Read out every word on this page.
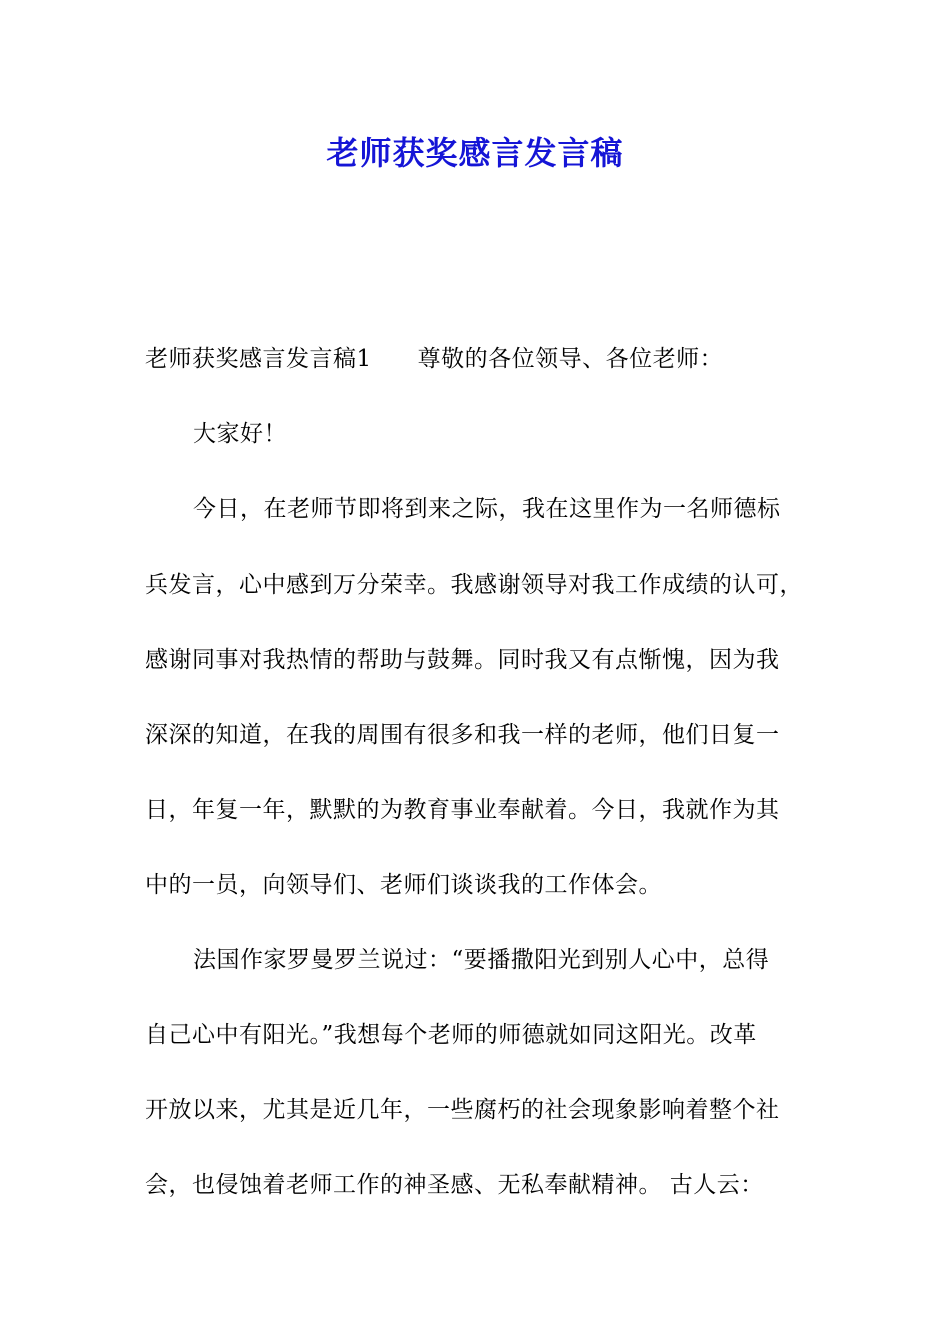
老师获奖感言发言稿
老师获奖感言发言稿1 尊敬的各位领导、各位老师：
大家好！
今日，在老师节即将到来之际，我在这里作为一名师德标
兵发言，心中感到万分荣幸。我感谢领导对我工作成绩的认可，
感谢同事对我热情的帮助与鼓舞。同时我又有点惭愧，因为我
深深的知道，在我的周围有很多和我一样的老师，他们日复一
日，年复一年，默默的为教育事业奉献着。今日，我就作为其
中的一员，向领导们、老师们谈谈我的工作体会。
法国作家罗曼罗兰说过：“要播撒阳光到别人心中，总得
自己心中有阳光。”我想每个老师的师德就如同这阳光。改革
开放以来，尤其是近几年，一些腐朽的社会现象影响着整个社
会，也侵蚀着老师工作的神圣感、无私奉献精神。 古人云：
